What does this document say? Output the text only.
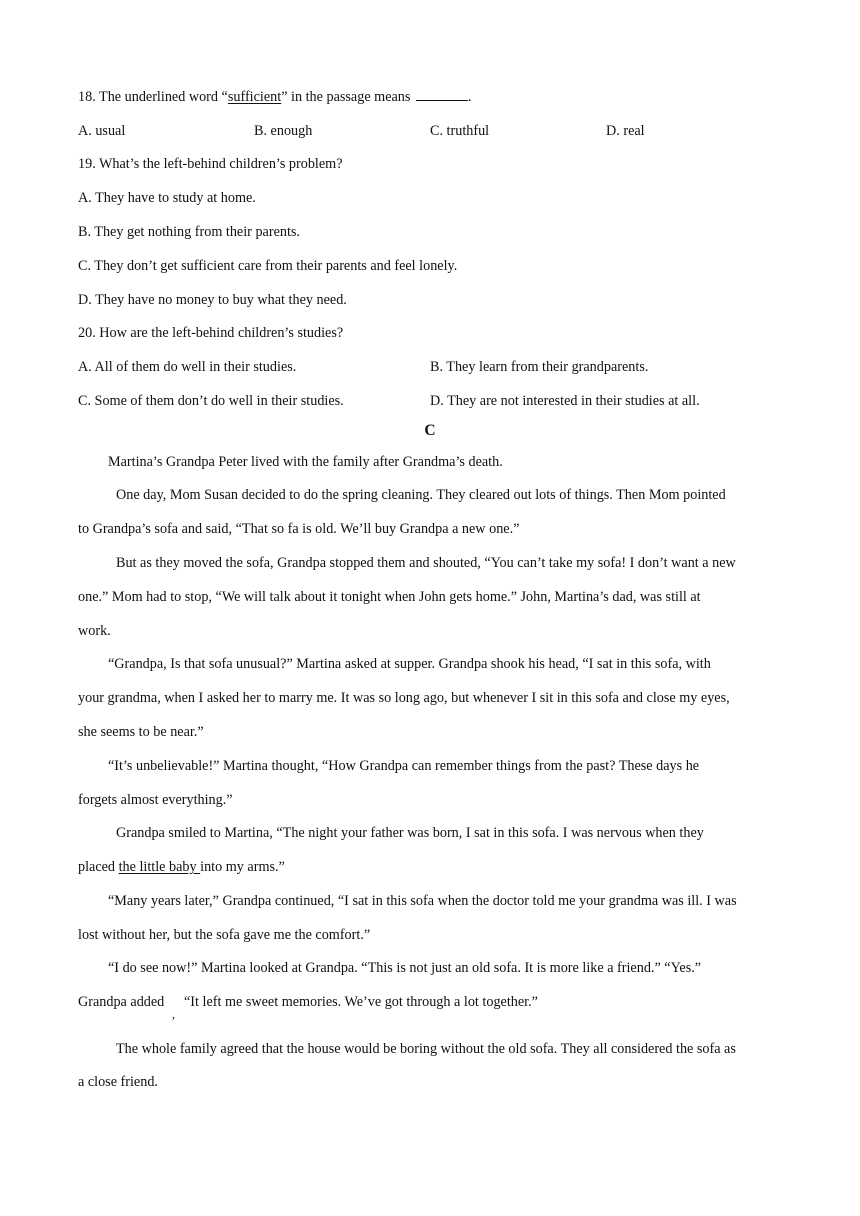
18. The underlined word “sufficient” in the passage means	.
A. usual	B. enough	C. truthful	D. real
19. What’s the left-behind children’s problem?
A. They have to study at home.
B. They get nothing from their parents.
C. They don’t get sufficient care from their parents and feel lonely.
D. They have no money to buy what they need.
20. How are the left-behind children’s studies?
A. All of them do well in their studies.	B. They learn from their grandparents.
C. Some of them don’t do well in their studies.	D. They are not interested in their studies at all.
C
Martina’s Grandpa Peter lived with the family after Grandma’s death.
One day, Mom Susan decided to do the spring cleaning. They cleared out lots of things. Then Mom pointed
to Grandpa’s sofa and said, “That so fa is old. We’ll buy Grandpa a new one.”
But as they moved the sofa, Grandpa stopped them and shouted, “You can’t take my sofa! I don’t want a new
one.” Mom had to stop, “We will talk about it tonight when John gets home.” John, Martina’s dad, was still at
work.
“Grandpa, Is that sofa unusual?” Martina asked at supper. Grandpa shook his head, “I sat in this sofa, with
your grandma, when I asked her to marry me. It was so long ago, but whenever I sit in this sofa and close my eyes,
she seems to be near.”
“It’s unbelievable!” Martina thought, “How Grandpa can remember things from the past? These days he
forgets almost everything.”
Grandpa smiled to Martina, “The night your father was born, I sat in this sofa. I was nervous when they
placed the little baby into my arms.”
“Many years later,” Grandpa continued, “I sat in this sofa when the doctor told me your grandma was ill. I was
lost without her, but the sofa gave me the comfort.”
“I do see now!” Martina looked at Grandpa. “This is not just an old sofa. It is more like a friend.” “Yes.”
Grandpa added
,
“It left me sweet memories. We’ve got through a lot together.”
The whole family agreed that the house would be boring without the old sofa. They all considered the sofa as
a close friend.
